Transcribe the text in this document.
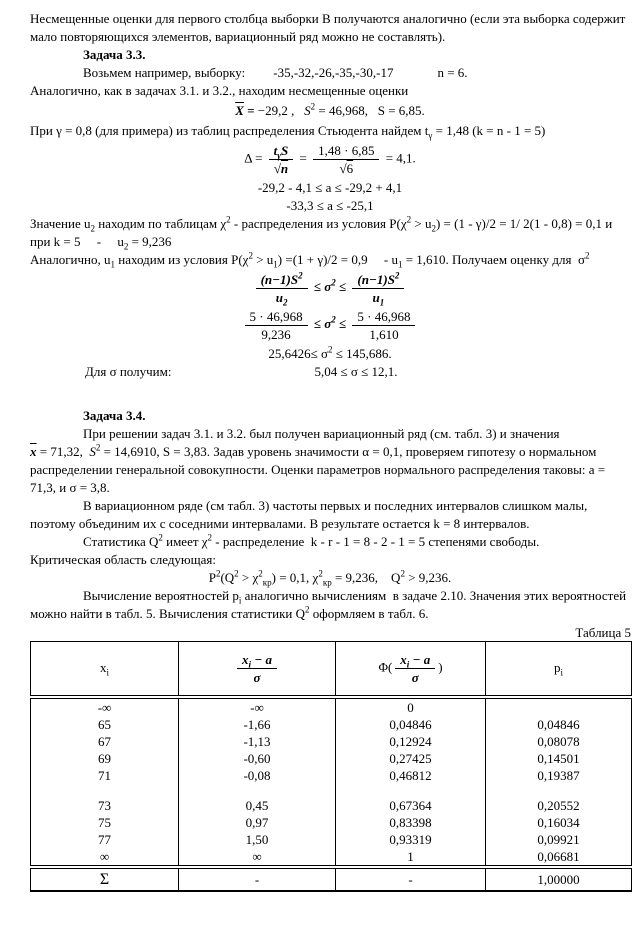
Несмещенные оценки для первого столбца выборки В получаются аналогично (если эта выборка содержит мало повторяющихся элементов, вариационный ряд можно не составлять).

Задача 3.3.

Возьмем например, выборку: -35,-32,-26,-35,-30,-17	n = 6.

Аналогично, как в задачах 3.1. и 3.2., находим несмещенные оценки

$\overline{X} = -29,2$ ,   $S^2 = 46,968$,   S = 6,85.
При γ = 0,8 (для примера) из таблиц распределения Стьюдента найдем $t_\gamma = 1,48$ (k = n - 1 = 5)
$\Delta = \frac{t_\gamma S}{√n} = \frac{1,48 \cdot 6,85}{√6} = 4,1$.
-29,2 - 4,1 ≤ a ≤ -29,2 + 4,1
-33,3 ≤ a ≤ -25,1
Значение $u_2$ находим по таблицам $\chi^2$ - распределения из условия $P(\chi^2 > u_2) = (1 - \gamma)/2 = 1/$ 2(1 - 0,8) = 0,1 и при k = 5     -     $u_2 = 9,236$
Аналогично, $u_1$ находим из условия $P(\chi^2 > u_1) =(1 + \gamma)/2 = 0,9$     - $u_1 = 1,610$. Получаем оценку для  $\sigma^2$
$\frac{(n-1)S^2}{u_2} \le \sigma^2 \le \frac{(n-1)S^2}{u_1}$
$\frac{5 \cdot 46,968}{9,236} \le \sigma^2 \le \frac{5 \cdot 46,968}{1,610}$
$25,6426\le \sigma^2 \le 145,686$.
Для σ получим:	5,04 ≤ σ ≤ 12,1.

Задача 3.4.

При решении задач 3.1. и 3.2. был получен вариационный ряд (см. табл. 3) и значения

$\overline{x} = 71,32$,  $S^2 = 14,6910$, S = 3,83. Задав уровень значимости α = 0,1, проверяем гипотезу о нормальном распределении генеральной совокупности. Оценки параметров нормального распределения таковы: a = 71,3, и σ = 3,8.

В вариационном ряде (см табл. 3) частоты первых и последних интервалов слишком малы, поэтому объединим их с соседними интервалами. В результате остается k = 8 интервалов.

Статистика $Q^2$ имеет $\chi^2$ - распределение  k - r - 1 = 8 - 2 - 1 = 5 степенями свободы.

Критическая область следующая:

$P^2(Q^2 > \chi^2_{кр}) = 0,1$, $\chi^2_{кр} = 9,236$,    $Q^2 > 9,236$.
Вычисление вероятностей $p_i$ аналогично вычислениям  в задаче 2.10. Значения этих вероятностей можно найти в табл. 5. Вычисления статистики $Q^2$ оформляем в табл. 6.
Таблица 5
$x_i$	$\frac{x_i - a}{\sigma}$	$\Phi( \frac{x_i - a}{\sigma}$ )	$p_i$
-∞	-∞	0	
65	-1,66	0,04846	0,04846
67	-1,13	0,12924	0,08078
69	-0,60	0,27425	0,14501
71	-0,08	0,46812	0,19387

73	0,45	0,67364	0,20552
75	0,97	0,83398	0,16034
77	1,50	0,93319	0,09921
∞	∞	1	0,06681
Σ	-	-	1,00000
